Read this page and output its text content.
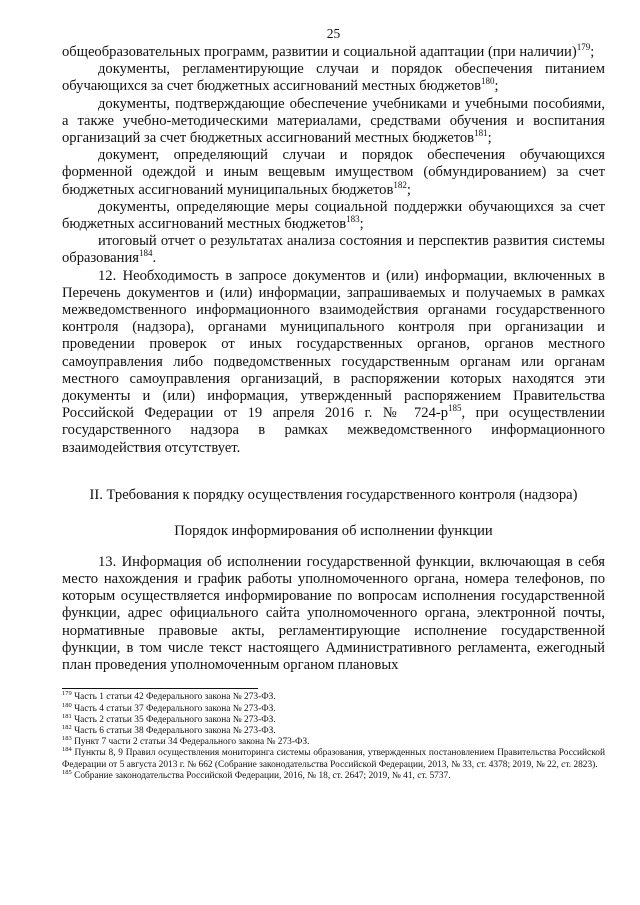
25

общеобразовательных программ, развитии и социальной адаптации (при наличии)$^{179}$;

документы, регламентирующие случаи и порядок обеспечения питанием обучающихся за счет бюджетных ассигнований местных бюджетов$^{180}$;

документы, подтверждающие обеспечение учебниками и учебными пособиями, а также учебно-методическими материалами, средствами обучения и воспитания организаций за счет бюджетных ассигнований местных бюджетов$^{181}$;

документ, определяющий случаи и порядок обеспечения обучающихся форменной одеждой и иным вещевым имуществом (обмундированием) за счет бюджетных ассигнований муниципальных бюджетов$^{182}$;

документы, определяющие меры социальной поддержки обучающихся за счет бюджетных ассигнований местных бюджетов$^{183}$;

итоговый отчет о результатах анализа состояния и перспектив развития системы образования$^{184}$.

12. Необходимость в запросе документов и (или) информации, включенных в Перечень документов и (или) информации, запрашиваемых и получаемых в рамках межведомственного информационного взаимодействия органами государственного контроля (надзора), органами муниципального контроля при организации и проведении проверок от иных государственных органов, органов местного самоуправления либо подведомственных государственным органам или органам местного самоуправления организаций, в распоряжении которых находятся эти документы и (или) информация, утвержденный распоряжением Правительства Российской Федерации от 19 апреля 2016 г. № $724-р^{185}$, при осуществлении государственного надзора в рамках межведомственного информационного взаимодействия отсутствует.

II. Требования к порядку осуществления государственного контроля (надзора)
Порядок информирования об исполнении функции

13. Информация об исполнении государственной функции, включающая в себя место нахождения и график работы уполномоченного органа, номера телефонов, по которым осуществляется информирование по вопросам исполнения государственной функции, адрес официального сайта уполномоченного органа, электронной почты, нормативные правовые акты, регламентирующие исполнение государственной функции, в том числе текст настоящего Административного регламента, ежегодный план проведения уполномоченным органом плановых

$^{179}$ Часть 1 статьи 42 Федерального закона № 273-ФЗ.

$^{180}$ Часть 4 статьи 37 Федерального закона № 273-ФЗ.

$^{181}$ Часть 2 статьи 35 Федерального закона № 273-ФЗ.

$^{182}$ Часть 6 статьи 38 Федерального закона № 273-ФЗ.

$^{183}$ Пункт 7 части 2 статьи 34 Федерального закона № 273-ФЗ.

$^{184}$ Пункты 8, 9 Правил осуществления мониторинга системы образования, утвержденных постановлением Правительства Российской Федерации от 5 августа 2013 г. № 662 (Собрание законодательства Российской Федерации, 2013, № 33, ст. 4378; 2019, № 22, ст. 2823).

$^{185}$ Собрание законодательства Российской Федерации, 2016, № 18, ст. 2647; 2019, № 41, ст. 5737.
